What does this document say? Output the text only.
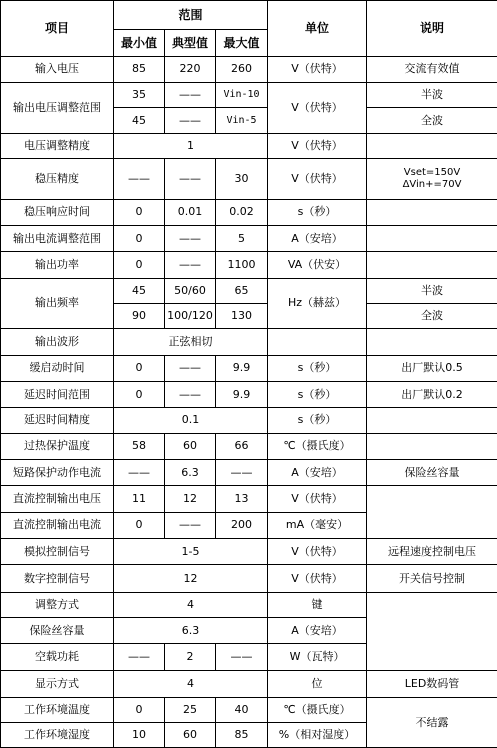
项目	范围			单位	说明
	最小值	典型值	最大值		
输入电压	85	220	260	V（伏特）	交流有效值
输出电压调整范围	35	——	Vin-10	V（伏特）	半波
	45	——	Vin-5		全波
电压调整精度	1			V（伏特）	
稳压精度	——	——	30	V（伏特）	Vset=150V
ΔVin+=70V

稳压响应时间	0	0.01	0.02	s（秒）	
输出电流调整范围	0	——	5	A（安培）	
输出功率	0	——	1100	VA（伏安）	
输出频率	45	50/60	65	Hz（赫兹）	半波
	90	100/120	130		全波
输出波形	正弦相切				
缓启动时间	0	——	9.9	s（秒）	出厂默认0.5
延迟时间范围	0	——	9.9	s（秒）	出厂默认0.2
延迟时间精度	0.1			s（秒）	
过热保护温度	58	60	66	℃（摄氏度）	
短路保护动作电流	——	6.3	——	A（安培）	保险丝容量
直流控制输出电压	11	12	13	V（伏特）	
直流控制输出电流	0	——	200	mA（毫安）	
模拟控制信号	1-5			V（伏特）	远程速度控制电压
数字控制信号	12			V（伏特）	开关信号控制
调整方式	4			键	
保险丝容量	6.3			A（安培）	
空载功耗	——	2	——	W（瓦特）	
显示方式	4			位	LED数码管
工作环境温度	0	25	40	℃（摄氏度）	不结露
工作环境湿度	10	60	85	%（相对湿度）	
